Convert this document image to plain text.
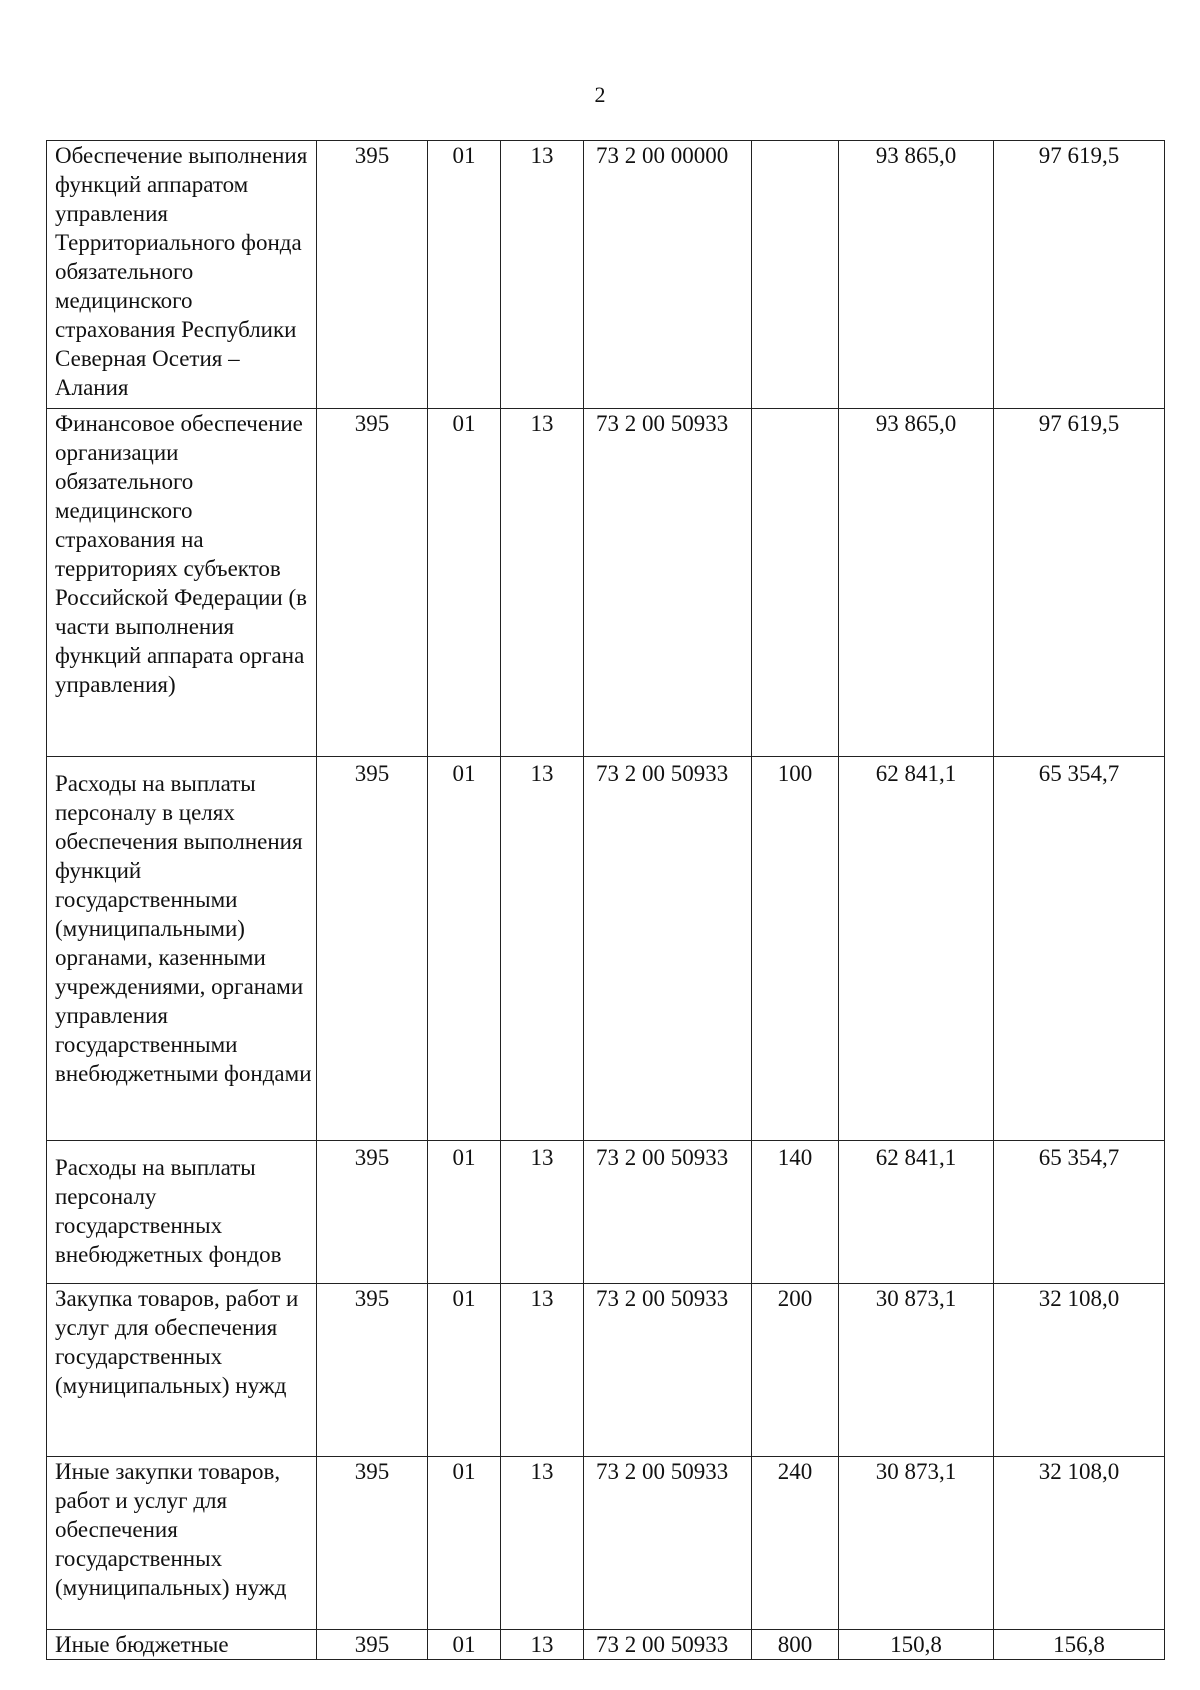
2
Обеспечение выполнения функций аппаратом управления Территориального фонда обязательного медицинского страхования Республики Северная Осетия – Алания	395	01	13	73 2 00 00000		93 865,0	97 619,5
Финансовое обеспечение организации обязательного медицинского страхования на территориях субъектов Российской Федерации (в части выполнения функций аппарата органа управления)	395	01	13	73 2 00 50933		93 865,0	97 619,5
Расходы на выплаты персоналу в целях обеспечения выполнения функций государственными (муниципальными) органами, казенными учреждениями, органами управления государственными внебюджетными фондами	395	01	13	73 2 00 50933	100	62 841,1	65 354,7
Расходы на выплаты персоналу государственных внебюджетных фондов	395	01	13	73 2 00 50933	140	62 841,1	65 354,7
Закупка товаров, работ и услуг для обеспечения государственных (муниципальных) нужд	395	01	13	73 2 00 50933	200	30 873,1	32 108,0
Иные закупки товаров, работ и услуг для обеспечения государственных (муниципальных) нужд	395	01	13	73 2 00 50933	240	30 873,1	32 108,0
Иные бюджетные	395	01	13	73 2 00 50933	800	150,8	156,8
